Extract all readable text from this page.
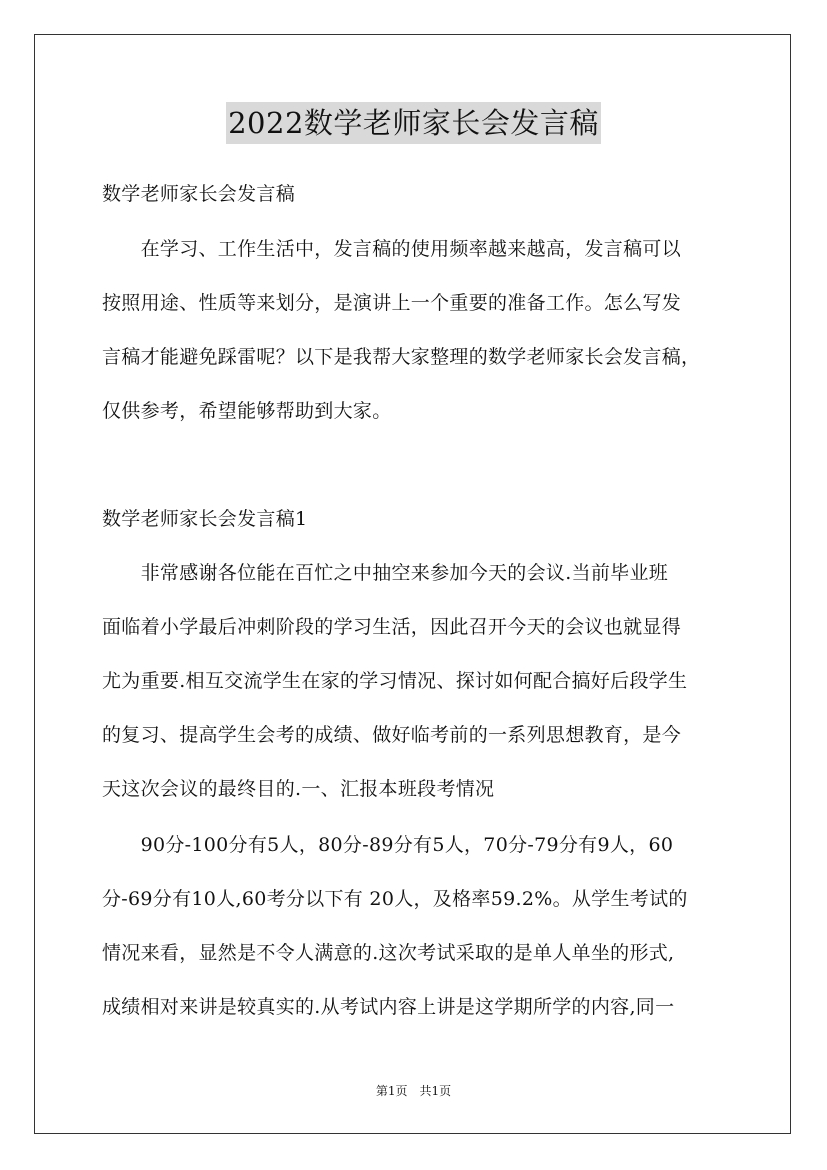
2022数学老师家长会发言稿
数学老师家长会发言稿
　　在学习、工作生活中，发言稿的使用频率越来越高，发言稿可以
按照用途、性质等来划分，是演讲上一个重要的准备工作。怎么写发
言稿才能避免踩雷呢？以下是我帮大家整理的数学老师家长会发言稿，
仅供参考，希望能够帮助到大家。
数学老师家长会发言稿1
　　非常感谢各位能在百忙之中抽空来参加今天的会议.当前毕业班
面临着小学最后冲刺阶段的学习生活，因此召开今天的会议也就显得
尤为重要.相互交流学生在家的学习情况、探讨如何配合搞好后段学生
的复习、提高学生会考的成绩、做好临考前的一系列思想教育，是今
天这次会议的最终目的.一、汇报本班段考情况
　　90分-100分有5人，80分-89分有5人，70分-79分有9人，60
分-69分有10人,60考分以下有 20人，及格率59.2%。从学生考试的
情况来看，显然是不令人满意的.这次考试采取的是单人单坐的形式,
成绩相对来讲是较真实的.从考试内容上讲是这学期所学的内容,同一
第1页　共1页
